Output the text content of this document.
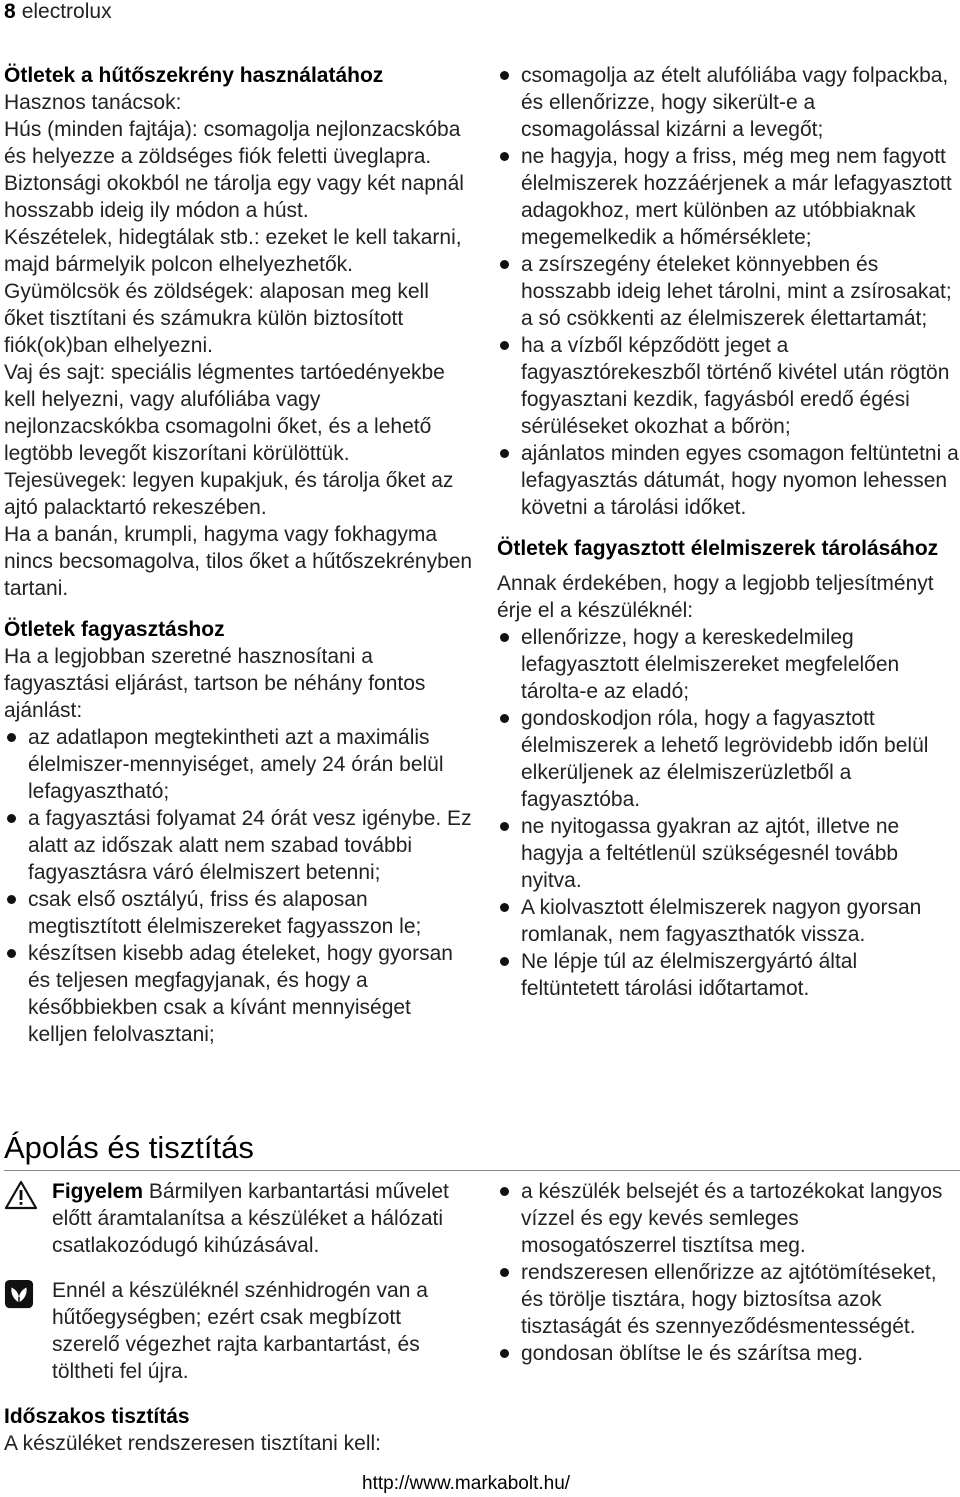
8 electrolux
Ötletek a hűtőszekrény használatához

Hasznos tanácsok:

Hús (minden fajtája): csomagolja nejlonzacskóba és helyezze a zöldséges fiók feletti üveglapra.

Biztonsági okokból ne tárolja egy vagy két napnál hosszabb ideig ily módon a húst.

Készételek, hidegtálak stb.: ezeket le kell takarni, majd bármelyik polcon elhelyezhetők.

Gyümölcsök és zöldségek: alaposan meg kell őket tisztítani és számukra külön biztosított fiók(ok)ban elhelyezni.

Vaj és sajt: speciális légmentes tartóedényekbe kell helyezni, vagy alufóliába vagy nejlonzacskókba csomagolni őket, és a lehető legtöbb levegőt kiszorítani körülöttük.

Tejesüvegek: legyen kupakjuk, és tárolja őket az ajtó palacktartó rekeszében.

Ha a banán, krumpli, hagyma vagy fokhagyma nincs becsomagolva, tilos őket a hűtőszekrényben tartani.

Ötletek fagyasztáshoz

Ha a legjobban szeretné hasznosítani a fagyasztási eljárást, tartson be néhány fontos ajánlást:

az adatlapon megtekintheti azt a maximális élelmiszer-mennyiséget, amely 24 órán belül lefagyasztható;
a fagyasztási folyamat 24 órát vesz igénybe. Ez alatt az időszak alatt nem szabad további fagyasztásra váró élelmiszert betenni;
csak első osztályú, friss és alaposan megtisztított élelmiszereket fagyasszon le;
készítsen kisebb adag ételeket, hogy gyorsan és teljesen megfagyjanak, és hogy a későbbiekben csak a kívánt mennyiséget kelljen felolvasztani;
csomagolja az ételt alufóliába vagy folpackba, és ellenőrizze, hogy sikerült-e a csomagolással kizárni a levegőt;
ne hagyja, hogy a friss, még meg nem fagyott élelmiszerek hozzáérjenek a már lefagyasztott adagokhoz, mert különben az utóbbiaknak megemelkedik a hőmérséklete;
a zsírszegény ételeket könnyebben és hosszabb ideig lehet tárolni, mint a zsírosakat; a só csökkenti az élelmiszerek élettartamát;
ha a vízből képződött jeget a fagyasztórekeszből történő kivétel után rögtön fogyasztani kezdik, fagyásból eredő égési sérüléseket okozhat a bőrön;
ajánlatos minden egyes csomagon feltüntetni a lefagyasztás dátumát, hogy nyomon lehessen követni a tárolási időket.
Ötletek fagyasztott élelmiszerek tárolásához

Annak érdekében, hogy a legjobb teljesítményt érje el a készüléknél:

ellenőrizze, hogy a kereskedelmileg lefagyasztott élelmiszereket megfelelően tárolta-e az eladó;
gondoskodjon róla, hogy a fagyasztott élelmiszerek a lehető legrövidebb időn belül elkerüljenek az élelmiszerüzletből a fagyasztóba.
ne nyitogassa gyakran az ajtót, illetve ne hagyja a feltétlenül szükségesnél tovább nyitva.
A kiolvasztott élelmiszerek nagyon gyorsan romlanak, nem fagyaszthatók vissza.
Ne lépje túl az élelmiszergyártó által feltüntetett tárolási időtartamot.
Ápolás és tisztítás
Figyelem Bármilyen karbantartási művelet előtt áramtalanítsa a készüléket a hálózati csatlakozódugó kihúzásával.
Ennél a készüléknél szénhidrogén van a hűtőegységben; ezért csak megbízott szerelő végezhet rajta karbantartást, és töltheti fel újra.
Időszakos tisztítás

A készüléket rendszeresen tisztítani kell:

a készülék belsejét és a tartozékokat langyos vízzel és egy kevés semleges mosogatószerrel tisztítsa meg.
rendszeresen ellenőrizze az ajtótömítéseket, és törölje tisztára, hogy biztosítsa azok tisztaságát és szennyeződésmentességét.
gondosan öblítse le és szárítsa meg.
http://www.markabolt.hu/
